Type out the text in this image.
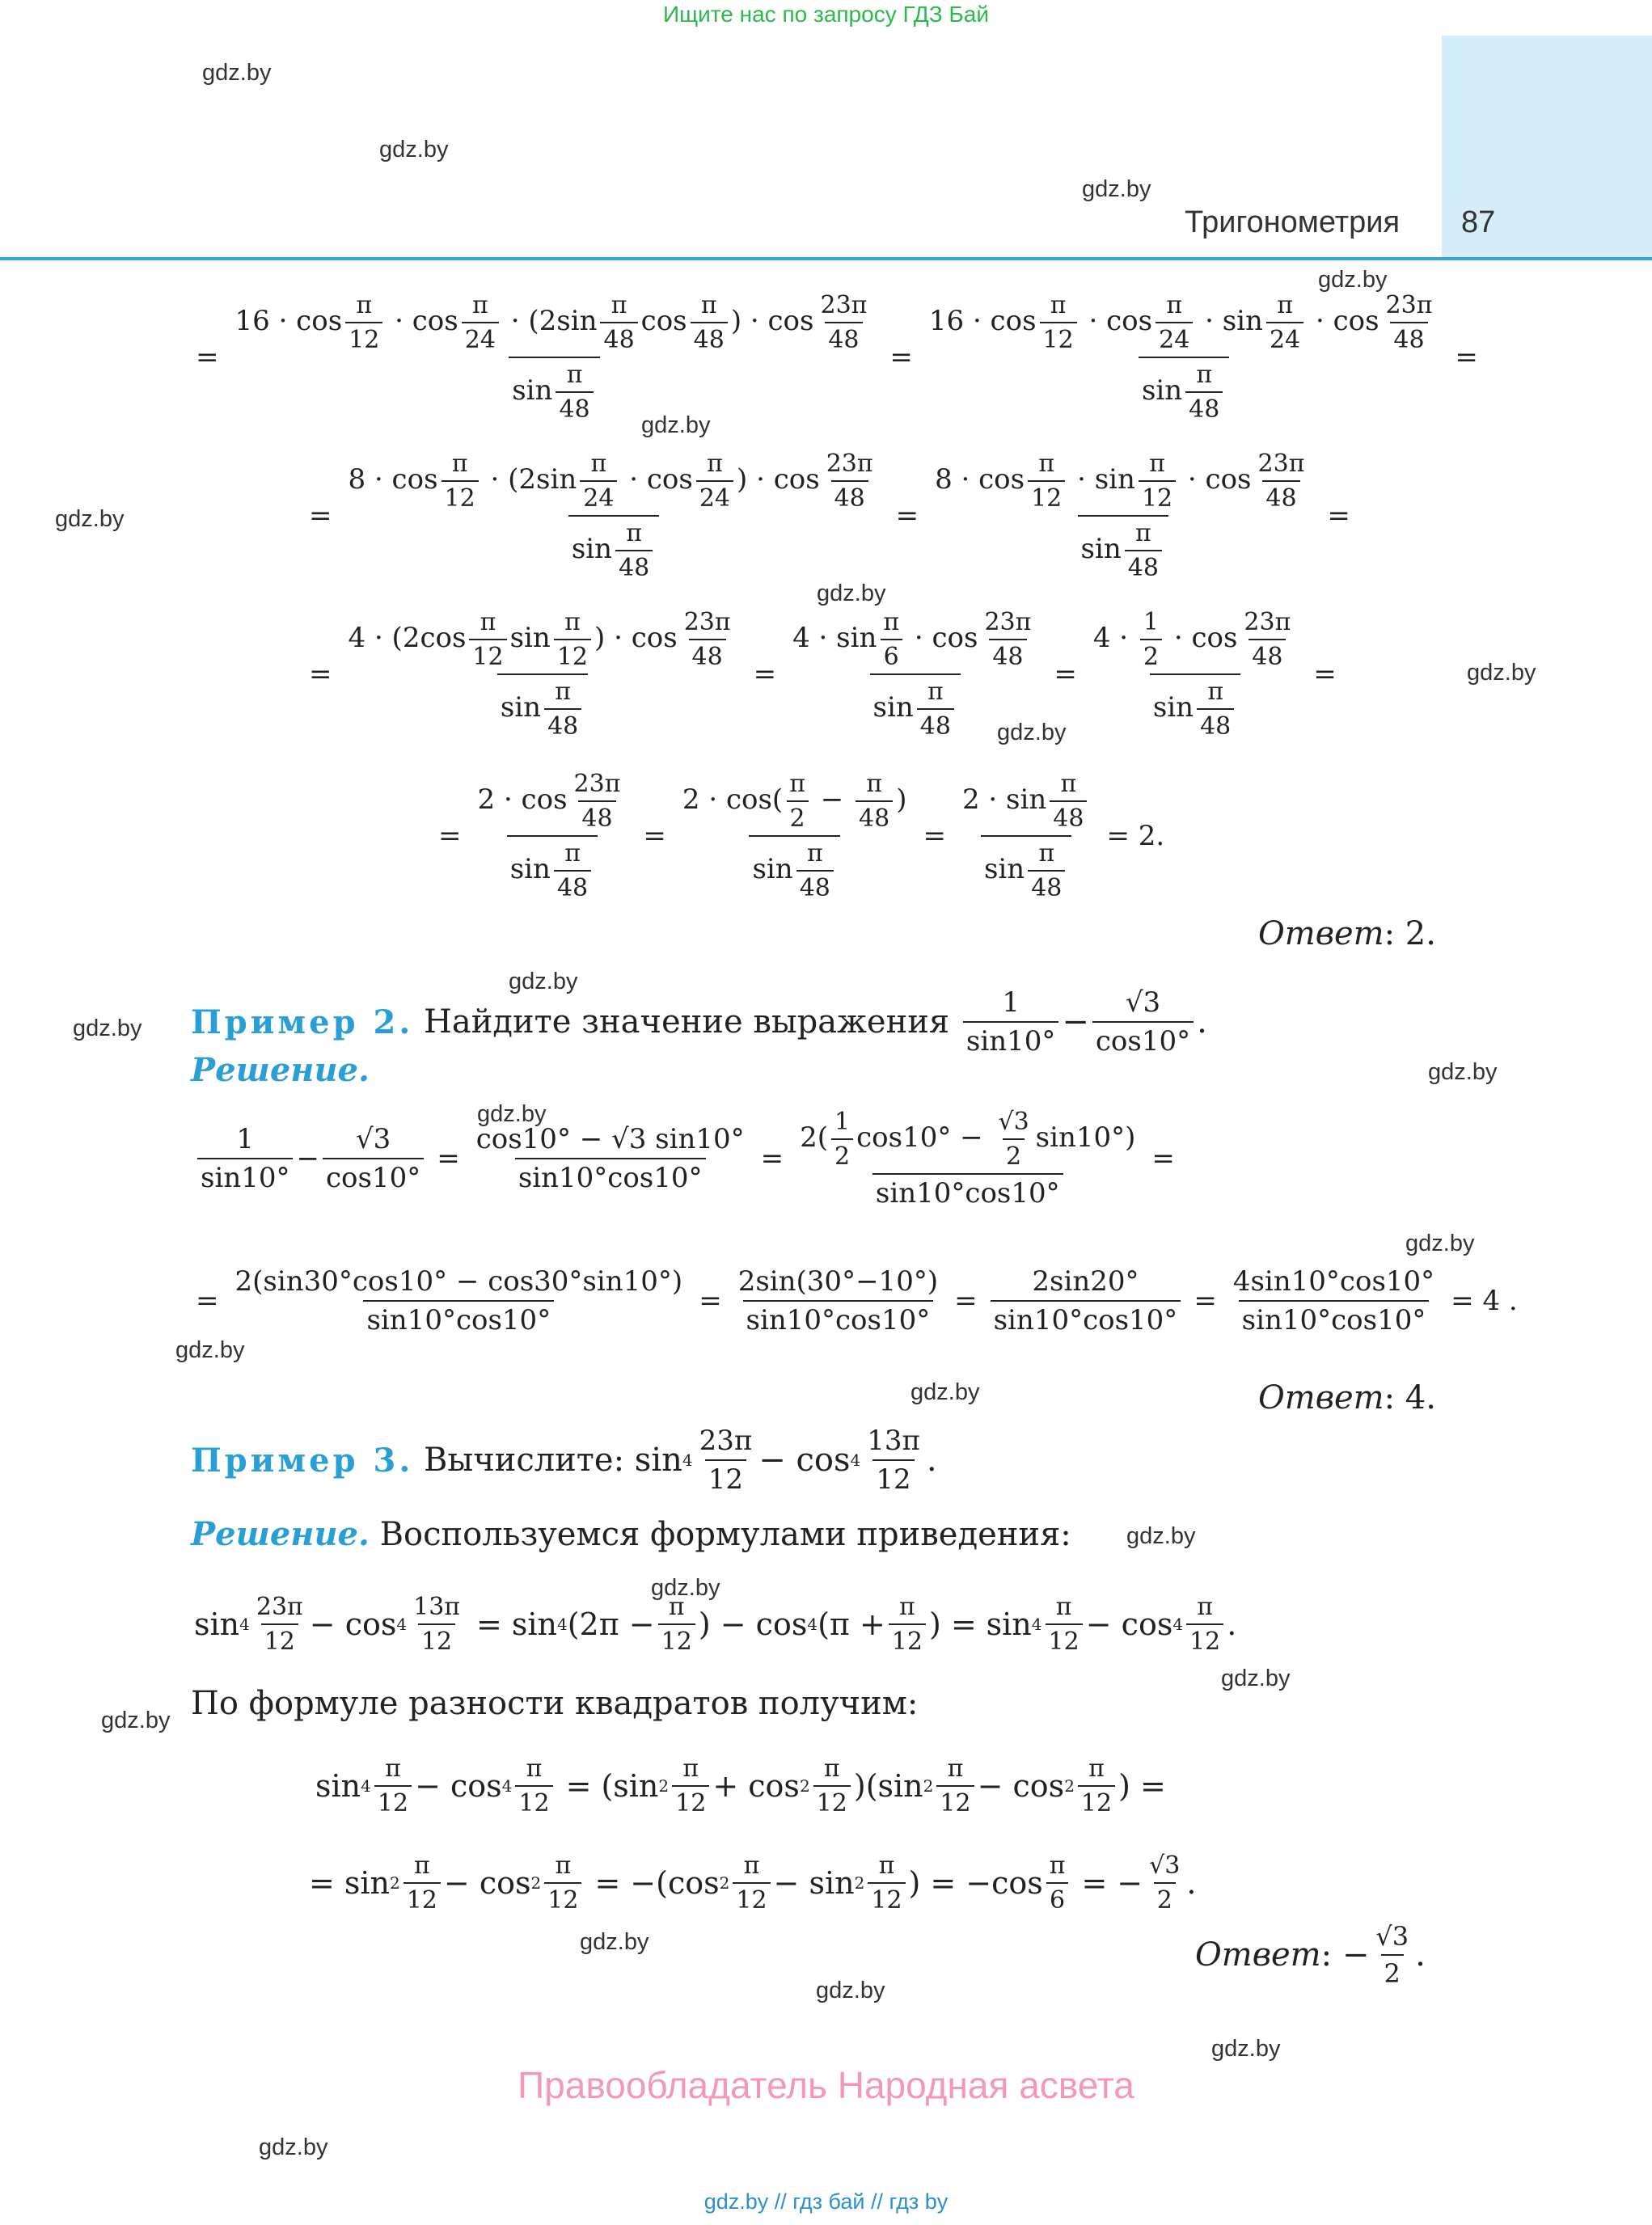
Ищите нас по запросу ГДЗ Бай
Тригонометрия 87
gdz.by
gdz.by
gdz.by
gdz.by
gdz.by
gdz.by
gdz.by
gdz.by
gdz.by
gdz.by
gdz.by
gdz.by
gdz.by
gdz.by
gdz.by
gdz.by
gdz.by
gdz.by
gdz.by
gdz.by
gdz.by
gdz.by
gdz.by
gdz.by
= $\frac{16 \cdot \cos \frac{\pi}{12} \cdot \cos \frac{\pi}{24} \cdot (2\sin \frac{\pi}{48} \cos \frac{\pi}{48} ) \cdot \cos \frac{23\pi}{48}}{\sin \frac{\pi}{48}} = \frac{16 \cdot \cos \frac{\pi}{12} \cdot \cos \frac{\pi}{24} \cdot \sin \frac{\pi}{24} \cdot \cos \frac{23\pi}{48}}{\sin \frac{\pi}{48}}$ =
= $\frac{8 \cdot \cos \frac{\pi}{12} \cdot (2\sin \frac{\pi}{24} \cdot \cos \frac{\pi}{24} ) \cdot \cos \frac{23\pi}{48}}{\sin \frac{\pi}{48}} = \frac{8 \cdot \cos \frac{\pi}{12} \cdot \sin \frac{\pi}{12} \cdot \cos \frac{23\pi}{48}}{\sin \frac{\pi}{48}}$ =
= $\frac{4 \cdot (2\cos \frac{\pi}{12} \sin \frac{\pi}{12} ) \cdot \cos \frac{23\pi}{48}}{\sin \frac{\pi}{48}} = \frac{4 \cdot \sin \frac{\pi}{6} \cdot \cos \frac{23\pi}{48}}{\sin \frac{\pi}{48}} = \frac{4 \cdot \frac{1}{2} \cdot \cos \frac{23\pi}{48}}{\sin \frac{\pi}{48}}$ =
= $\frac{2 \cdot \cos \frac{23\pi}{48}}{\sin \frac{\pi}{48}} = \frac{2 \cdot \cos( \frac{\pi}{2} - \frac{\pi}{48} )}{\sin \frac{\pi}{48}} = \frac{2 \cdot \sin \frac{\pi}{48}}{\sin \frac{\pi}{48}} = 2$.
Ответ: 2.
Пример 2.
Найдите значение выражения
$\frac{1}{\sin 10^\circ} - \frac{√3}{\cos 10^\circ}$ .
Решение.
$\frac{1}{\sin 10^\circ} - \frac{√3}{\cos 10^\circ} = \frac{\cos 10^\circ - √3 \sin 10^\circ}{\sin 10^\circ\cos 10^\circ} = \frac{2( \frac{1}{2} \cos 10^\circ - \frac{√3}{2} \sin 10^\circ)}{\sin 10^\circ\cos 10^\circ}$ =
= $\frac{2(\sin 30^\circ\cos 10^\circ - \cos 30^\circ\sin 10^\circ)}{\sin 10^\circ\cos 10^\circ} = \frac{2\sin(30^\circ-10^\circ)}{\sin 10^\circ\cos 10^\circ} = \frac{2\sin 20^\circ}{\sin 10^\circ\cos 10^\circ} = \frac{4\sin 10^\circ\cos 10^\circ}{\sin 10^\circ\cos 10^\circ} = 4$ .
Ответ: 4.
Пример 3.
Вычислите:
$\sin 4 \frac{23\pi}{12}$ −
$\cos 4 \frac{13\pi}{12}$ .
Решение. Воспользуемся формулами приведения:
$\sin 4 \frac{23\pi}{12}$ −
$\cos 4 \frac{13\pi}{12} = \sin 4$ ($2\pi - \frac{\pi}{12}$ )
−
cos 4 ($\pi + \frac{\pi}{12}$ ) = $\sin 4 \frac{\pi}{12}$ −
$\cos 4 \frac{\pi}{12}$ .
По формуле разности квадратов получим:
$\sin 4 \frac{\pi}{12}$ −
$\cos 4 \frac{\pi}{12}$ = ( $\sin 2 \frac{\pi}{12}$ +
$\cos 2 \frac{\pi}{12}$ ) ( $\sin 2 \frac{\pi}{12}$ −
$\cos 2 \frac{\pi}{12}$ ) =
= $\sin 2 \frac{\pi}{12}$ −
$\cos 2 \frac{\pi}{12}$ = − ( $\cos 2 \frac{\pi}{12}$ −
$\sin 2 \frac{\pi}{12}$ ) = − $\cos \frac{\pi}{6}$ = − $\frac{√3}{2}$ .
Ответ : − $\frac{√3}{2}$ .
Правообладатель Народная асвета
gdz.by // гдз бай // гдз by
